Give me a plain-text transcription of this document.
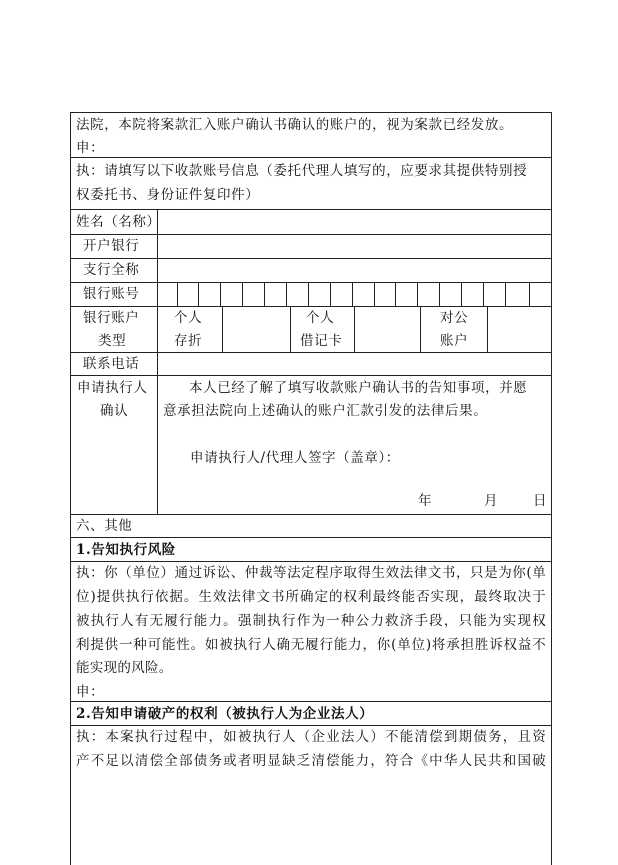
法院，本院将案款汇入账户确认书确认的账户的，视为案款已经发放。
申：
执：请填写以下收款账号信息（委托代理人填写的，应要求其提供特别授
权委托书、身份证件复印件）
姓名（名称）
开户银行
支行全称
银行账号
银行账户
类型
个人
存折
个人
借记卡
对公
账户
联系电话
申请执行人
确认
本人已经了解了填写收款账户确认书的告知事项，并愿
意承担法院向上述确认的账户汇款引发的法律后果。
申请执行人/代理人签字（盖章）：
年	月	日
六、其他
1.告知执行风险
执：你（单位）通过诉讼、仲裁等法定程序取得生效法律文书，只是为你(单
位)提供执行依据。生效法律文书所确定的权利最终能否实现，最终取决于
被执行人有无履行能力。强制执行作为一种公力救济手段，只能为实现权
利提供一种可能性。如被执行人确无履行能力，你(单位)将承担胜诉权益不
能实现的风险。
申：
2.告知申请破产的权利（被执行人为企业法人）
执：本案执行过程中，如被执行人（企业法人）不能清偿到期债务，且资
产不足以清偿全部债务或者明显缺乏清偿能力，符合《中华人民共和国破
